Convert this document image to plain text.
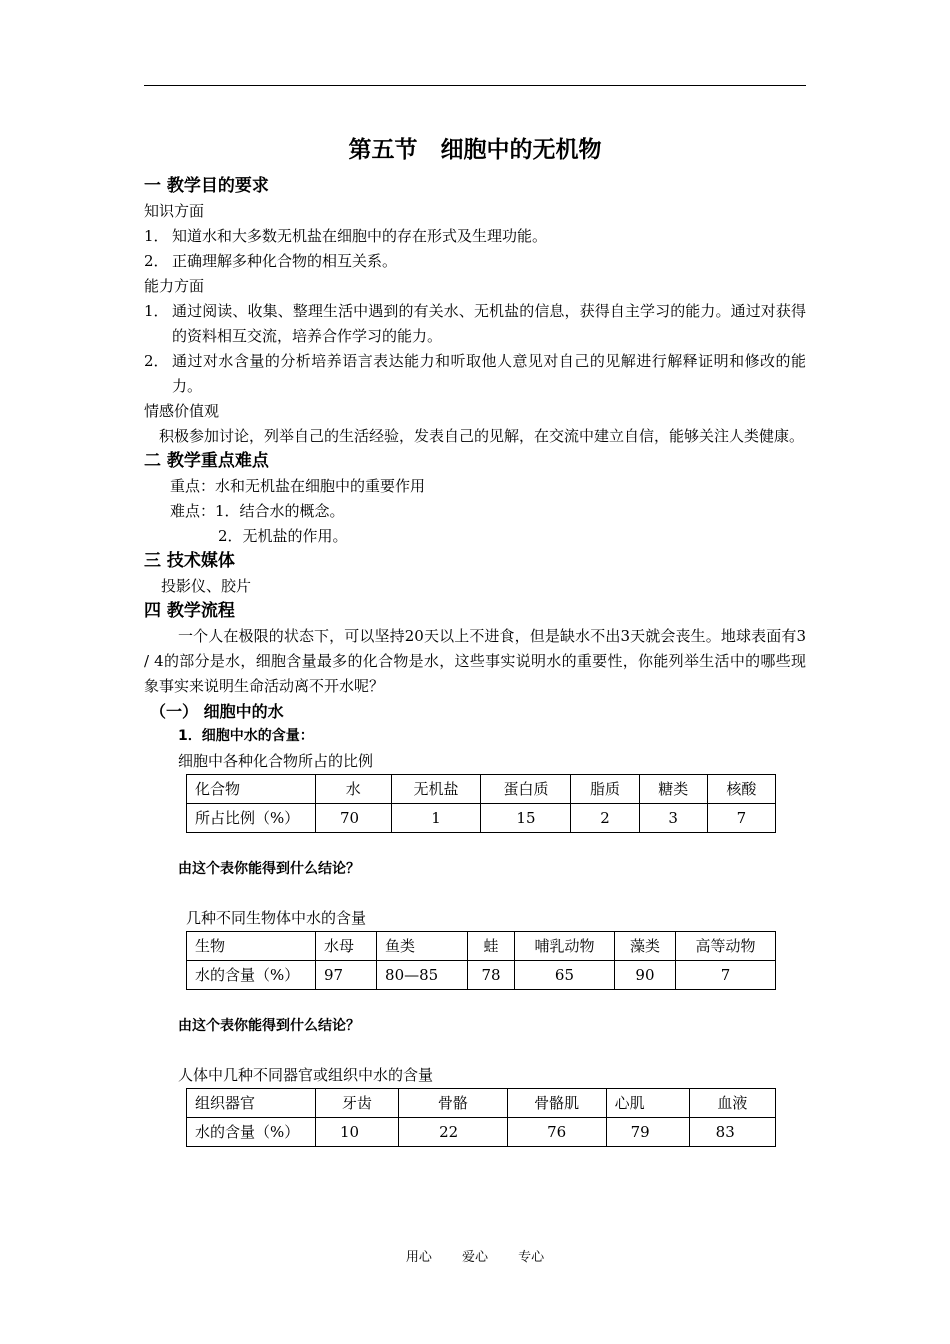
第五节　细胞中的无机物
一 教学目的要求
知识方面
1． 知道水和大多数无机盐在细胞中的存在形式及生理功能。
2． 正确理解多种化合物的相互关系。
能力方面
1． 通过阅读、收集、整理生活中遇到的有关水、无机盐的信息，获得自主学习的能力。通过对获得的资料相互交流，培养合作学习的能力。
2． 通过对水含量的分析培养语言表达能力和听取他人意见对自己的见解进行解释证明和修改的能力。
情感价值观
积极参加讨论，列举自己的生活经验，发表自己的见解，在交流中建立自信，能够关注人类健康。
二 教学重点难点
重点：水和无机盐在细胞中的重要作用
难点：1．结合水的概念。
2．无机盐的作用。
三 技术媒体
投影仪、胶片
四 教学流程
一个人在极限的状态下，可以坚持20天以上不进食，但是缺水不出3天就会丧生。地球表面有3 / 4的部分是水，细胞含量最多的化合物是水，这些事实说明水的重要性，你能列举生活中的哪些现象事实来说明生命活动离不开水呢？
（一） 细胞中的水
1．细胞中水的含量：
细胞中各种化合物所占的比例
化合物	水	无机盐	蛋白质	脂质	糖类	核酸
所占比例（%）	70	1	15	2	3	7
由这个表你能得到什么结论？
几种不同生物体中水的含量
生物	水母	鱼类	蛙	哺乳动物	藻类	高等动物
水的含量（%）	97	80—85	78	65	90	7
由这个表你能得到什么结论？
人体中几种不同器官或组织中水的含量
组织器官	牙齿	骨骼	骨骼肌	心肌	血液
水的含量（%）	10	22	76	79	83
用心 爱心 专心
